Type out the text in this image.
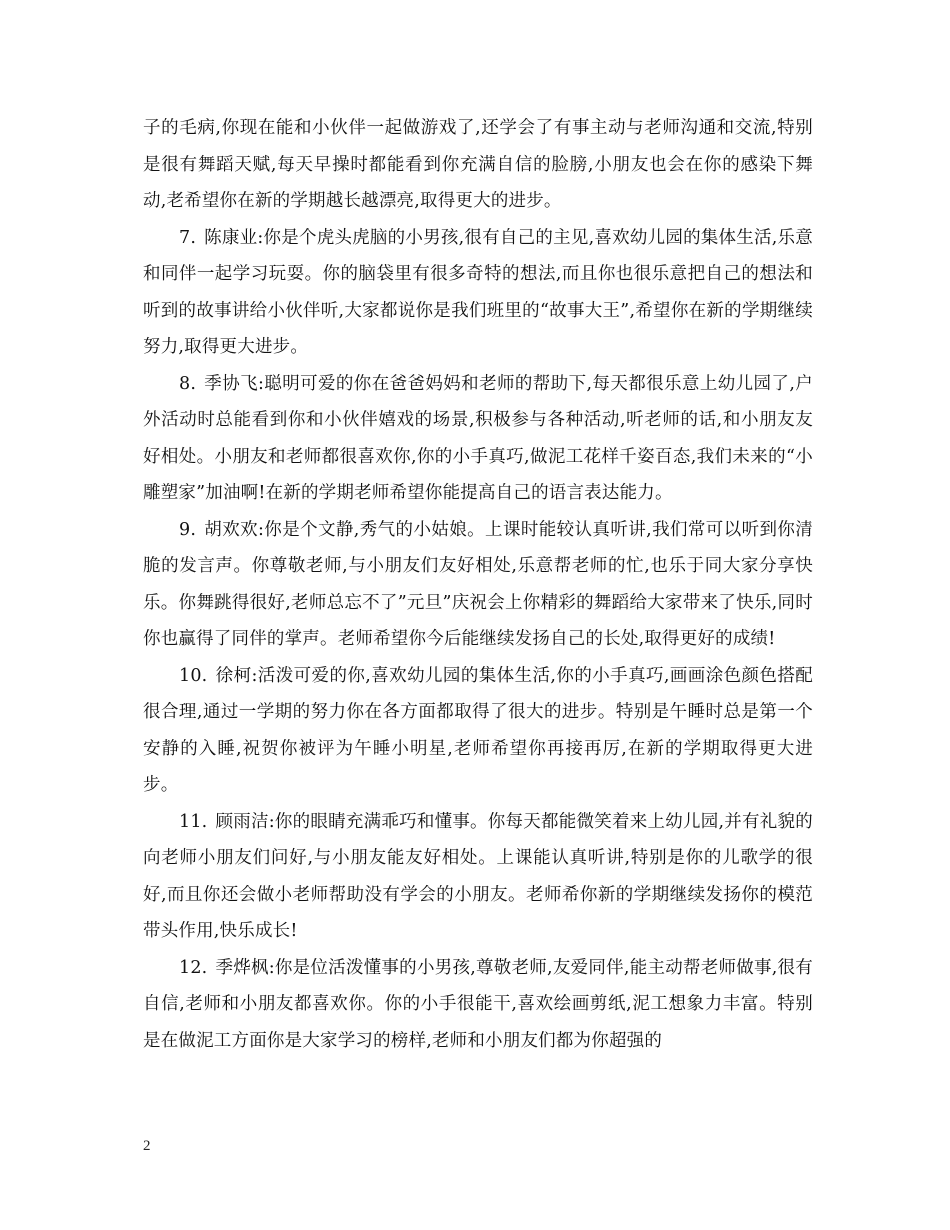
子的毛病,你现在能和小伙伴一起做游戏了,还学会了有事主动与老师沟通和交流,特别是很有舞蹈天赋,每天早操时都能看到你充满自信的脸膀,小朋友也会在你的感染下舞动,老希望你在新的学期越长越漂亮,取得更大的进步。

7. 陈康业:你是个虎头虎脑的小男孩,很有自己的主见,喜欢幼儿园的集体生活,乐意和同伴一起学习玩耍。你的脑袋里有很多奇特的想法,而且你也很乐意把自己的想法和听到的故事讲给小伙伴听,大家都说你是我们班里的“故事大王”,希望你在新的学期继续努力,取得更大进步。

8. 季协飞:聪明可爱的你在爸爸妈妈和老师的帮助下,每天都很乐意上幼儿园了,户外活动时总能看到你和小伙伴嬉戏的场景,积极参与各种活动,听老师的话,和小朋友友好相处。小朋友和老师都很喜欢你,你的小手真巧,做泥工花样千姿百态,我们未来的“小雕塑家”加油啊!在新的学期老师希望你能提高自己的语言表达能力。

9. 胡欢欢:你是个文静,秀气的小姑娘。上课时能较认真听讲,我们常可以听到你清脆的发言声。你尊敬老师,与小朋友们友好相处,乐意帮老师的忙,也乐于同大家分享快乐。你舞跳得很好,老师总忘不了”元旦”庆祝会上你精彩的舞蹈给大家带来了快乐,同时你也赢得了同伴的掌声。老师希望你今后能继续发扬自己的长处,取得更好的成绩!

10. 徐柯:活泼可爱的你,喜欢幼儿园的集体生活,你的小手真巧,画画涂色颜色搭配很合理,通过一学期的努力你在各方面都取得了很大的进步。特别是午睡时总是第一个安静的入睡,祝贺你被评为午睡小明星,老师希望你再接再厉,在新的学期取得更大进步。

11. 顾雨洁:你的眼睛充满乖巧和懂事。你每天都能微笑着来上幼儿园,并有礼貌的向老师小朋友们问好,与小朋友能友好相处。上课能认真听讲,特别是你的儿歌学的很好,而且你还会做小老师帮助没有学会的小朋友。老师希你新的学期继续发扬你的模范带头作用,快乐成长!

12. 季烨枫:你是位活泼懂事的小男孩,尊敬老师,友爱同伴,能主动帮老师做事,很有自信,老师和小朋友都喜欢你。你的小手很能干,喜欢绘画剪纸,泥工想象力丰富。特别是在做泥工方面你是大家学习的榜样,老师和小朋友们都为你超强的

2
